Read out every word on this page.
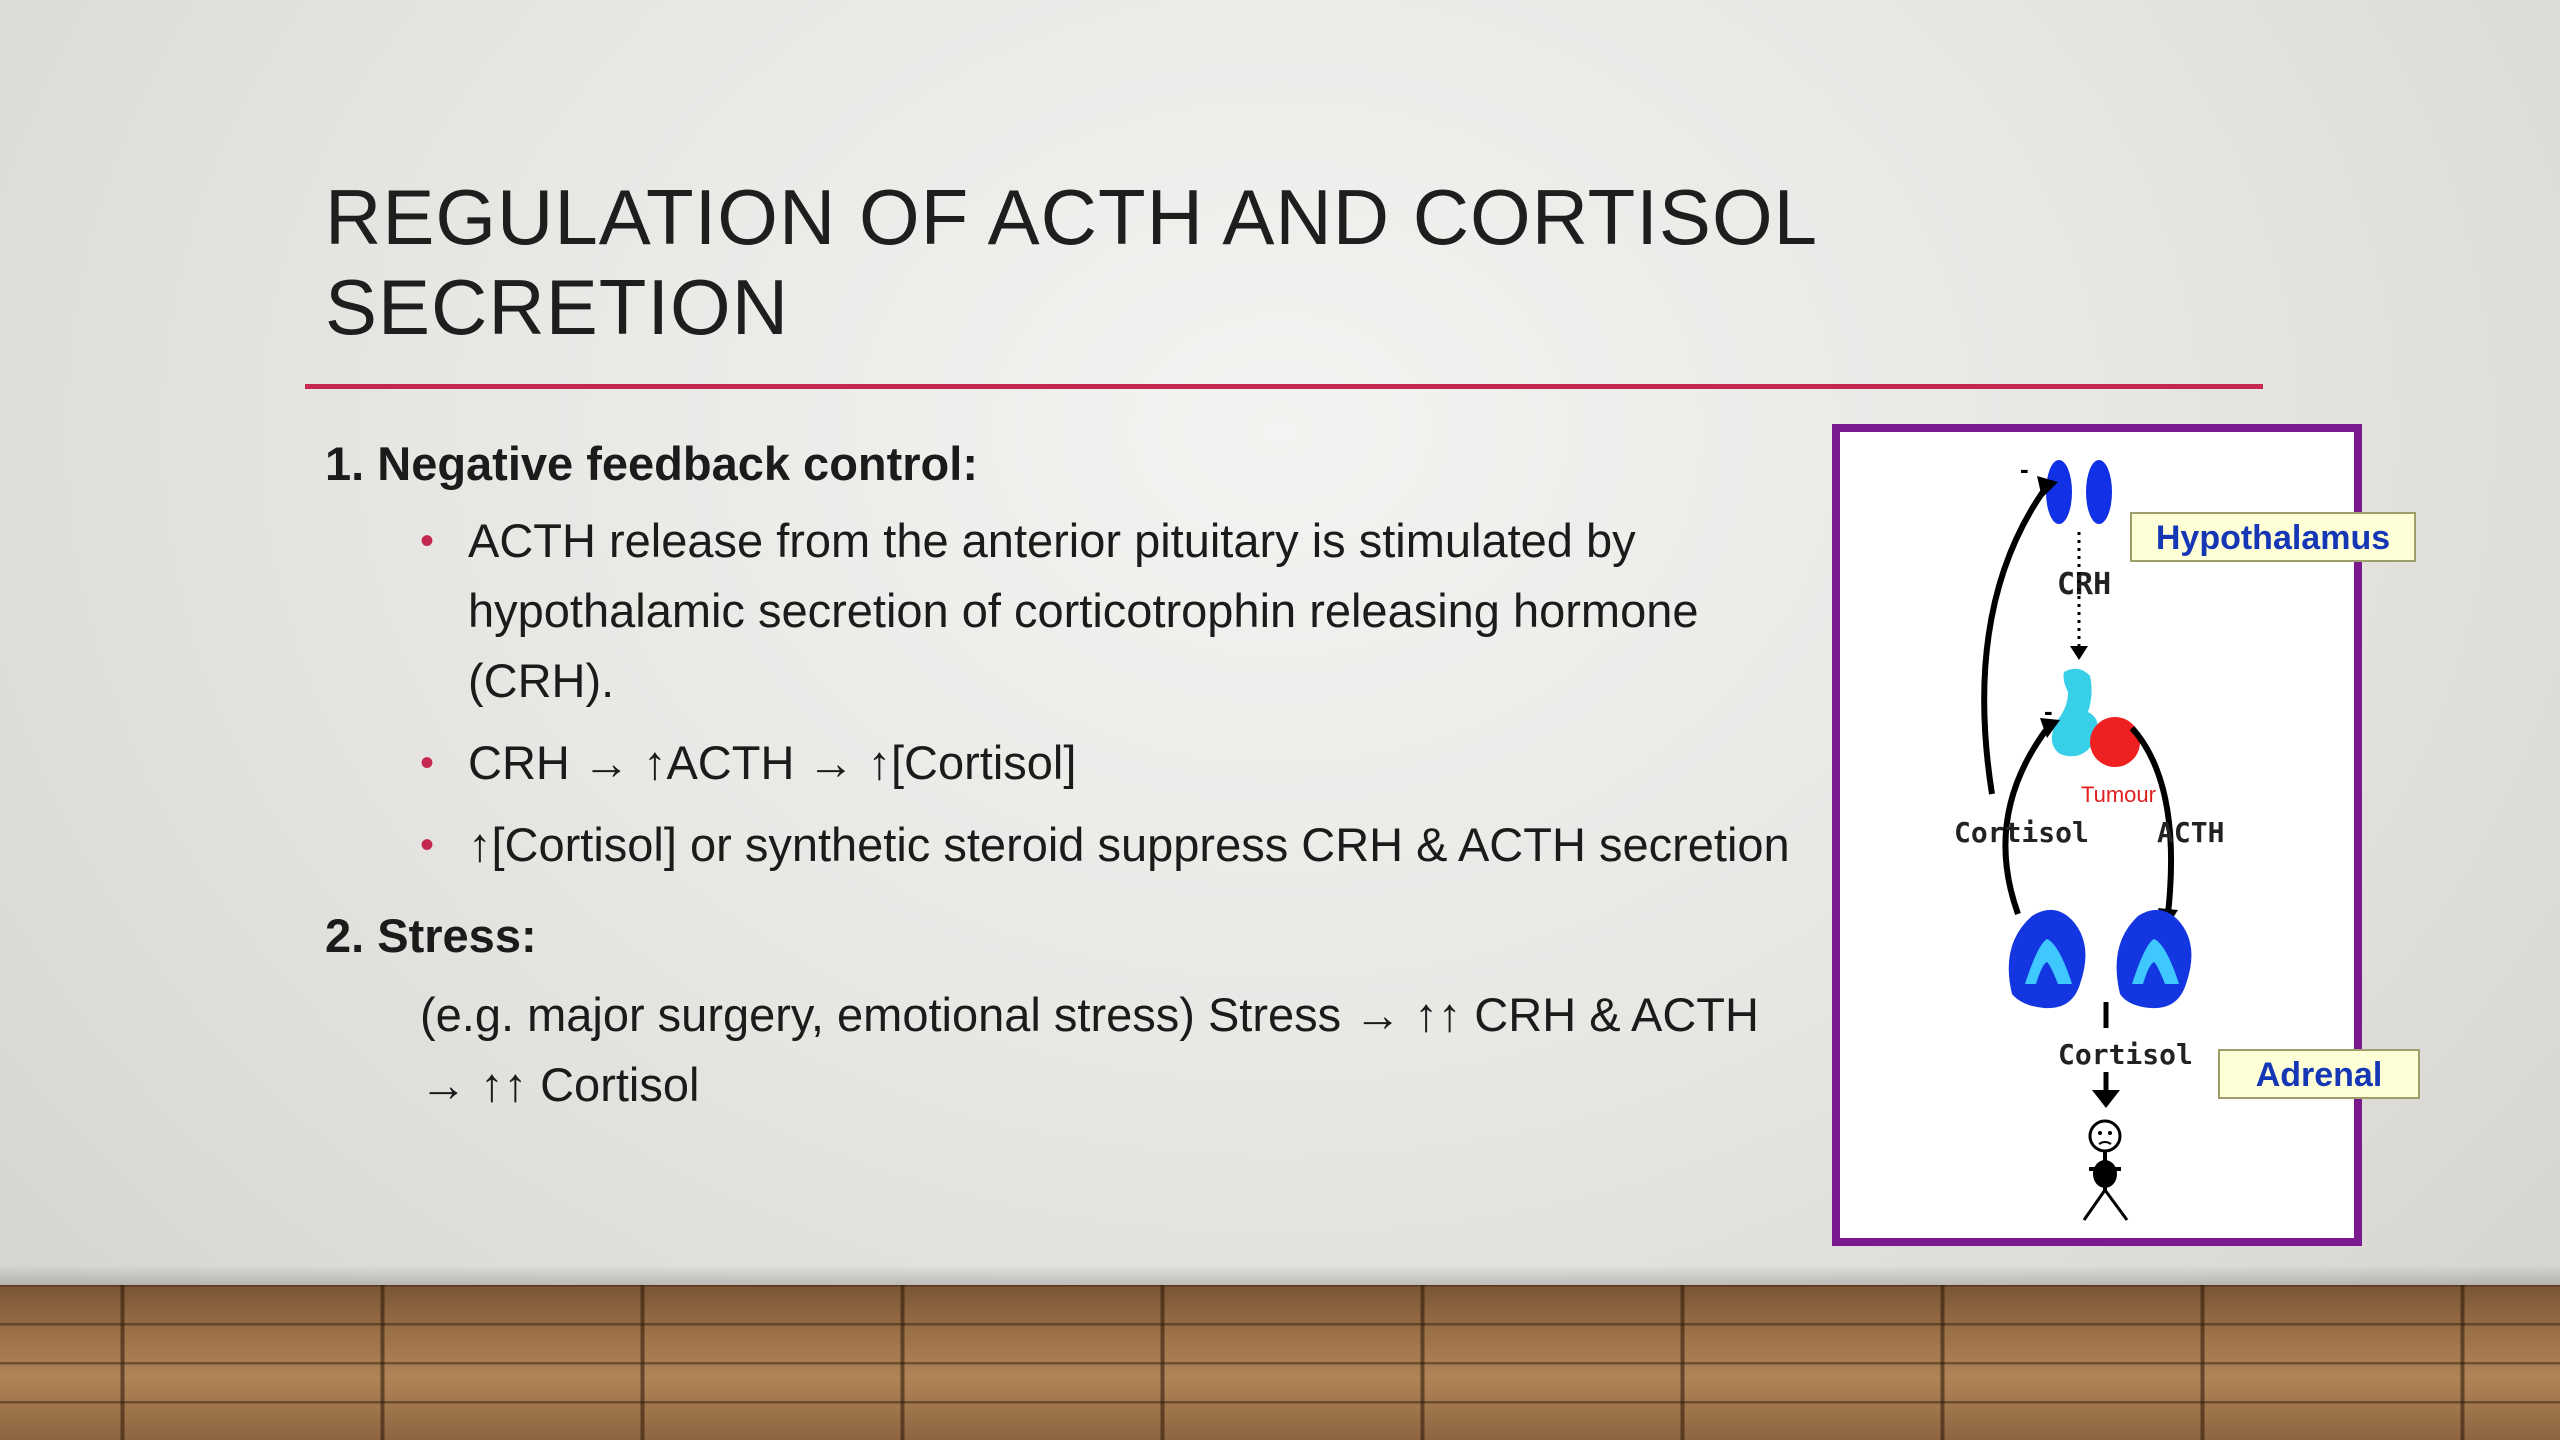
REGULATION OF ACTH AND CORTISOL
SECRETION

1. Negative feedback control:

• ACTH release from the anterior pituitary is stimulated by hypothalamic secretion of corticotrophin releasing hormone (CRH).
• CRH → ↑ACTH → ↑[Cortisol]
• ↑[Cortisol] or synthetic steroid suppress CRH & ACTH secretion

2. Stress:

(e.g. major surgery, emotional stress) Stress → ↑↑ CRH & ACTH → ↑↑ Cortisol

CRH
Tumour
-
-
Cortisol ACTH
Cortisol
Hypothalamus
Adrenal
